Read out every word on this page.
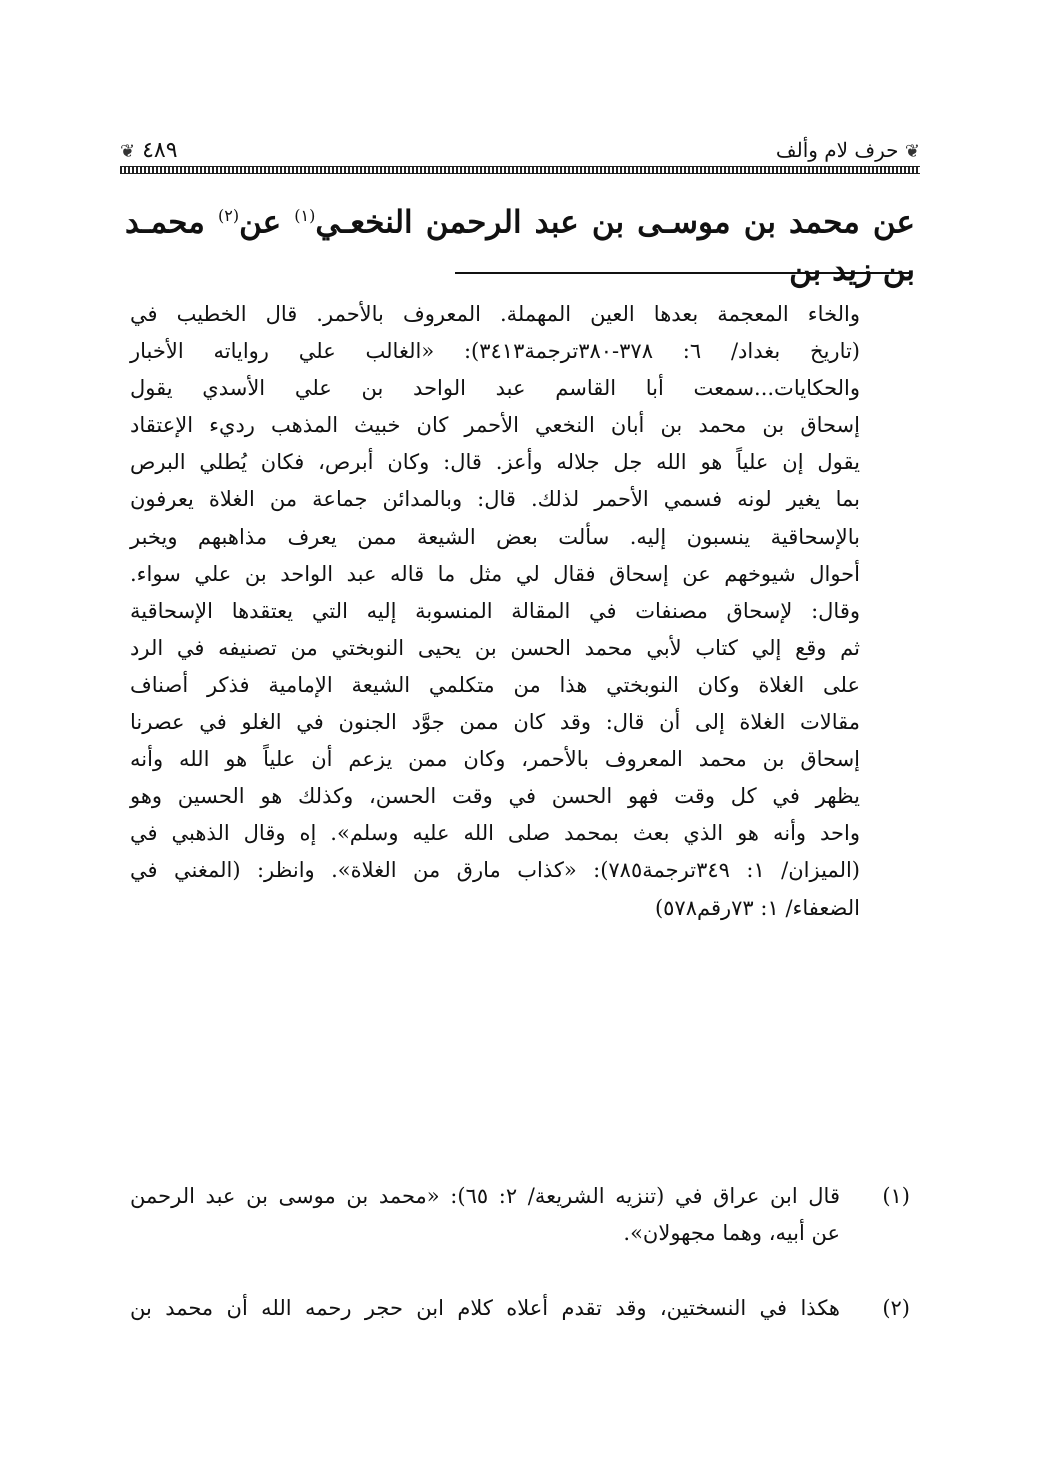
❦ ٤٨٩	❦ حرف لام وألف
عن محمد بن موسـى بن عبد الرحمن النخعـي$^{(١)}$ عن$^{(٢)}$ محمـد بن زيد بن

والخاء المعجمة بعدها العين المهملة. المعروف بالأحمر. قال الخطيب في

(تاريخ بغداد/ ٦: ٣٧٨-٣٨٠ترجمة٣٤١٣): «الغالب علي رواياته الأخبار

والحكايات...سمعت أبا القاسم عبد الواحد بن علي الأسدي يقول

إسحاق بن محمد بن أبان النخعي الأحمر كان خبيث المذهب رديء الإعتقاد

يقول إن علياً هو الله جل جلاله وأعز. قال: وكان أبرص، فكان يُطلي البرص

بما يغير لونه فسمي الأحمر لذلك. قال: وبالمدائن جماعة من الغلاة يعرفون

بالإسحاقية ينسبون إليه. سألت بعض الشيعة ممن يعرف مذاهبهم ويخبر

أحوال شيوخهم عن إسحاق فقال لي مثل ما قاله عبد الواحد بن علي سواء.

وقال: لإسحاق مصنفات في المقالة المنسوبة إليه التي يعتقدها الإسحاقية

ثم وقع إلي كتاب لأبي محمد الحسن بن يحيى النوبختي من تصنيفه في الرد

على الغلاة وكان النوبختي هذا من متكلمي الشيعة الإمامية فذكر أصناف

مقالات الغلاة إلى أن قال: وقد كان ممن جوَّد الجنون في الغلو في عصرنا

إسحاق بن محمد المعروف بالأحمر، وكان ممن يزعم أن علياً هو الله وأنه

يظهر في كل وقت فهو الحسن في وقت الحسن، وكذلك هو الحسين وهو

واحد وأنه هو الذي بعث بمحمد صلى الله عليه وسلم». إه وقال الذهبي في

(الميزان/ ١: ٣٤٩ترجمة٧٨٥): «كذاب مارق من الغلاة». وانظر: (المغني في

الضعفاء/ ١: ٧٣رقم٥٧٨)

(١)

قال ابن عراق في (تنزيه الشريعة/ ٢: ٦٥): «محمد بن موسى بن عبد الرحمن

عن أبيه، وهما مجهولان».

(٢)

هكذا في النسختين، وقد تقدم أعلاه كلام ابن حجر رحمه الله أن محمد بن
